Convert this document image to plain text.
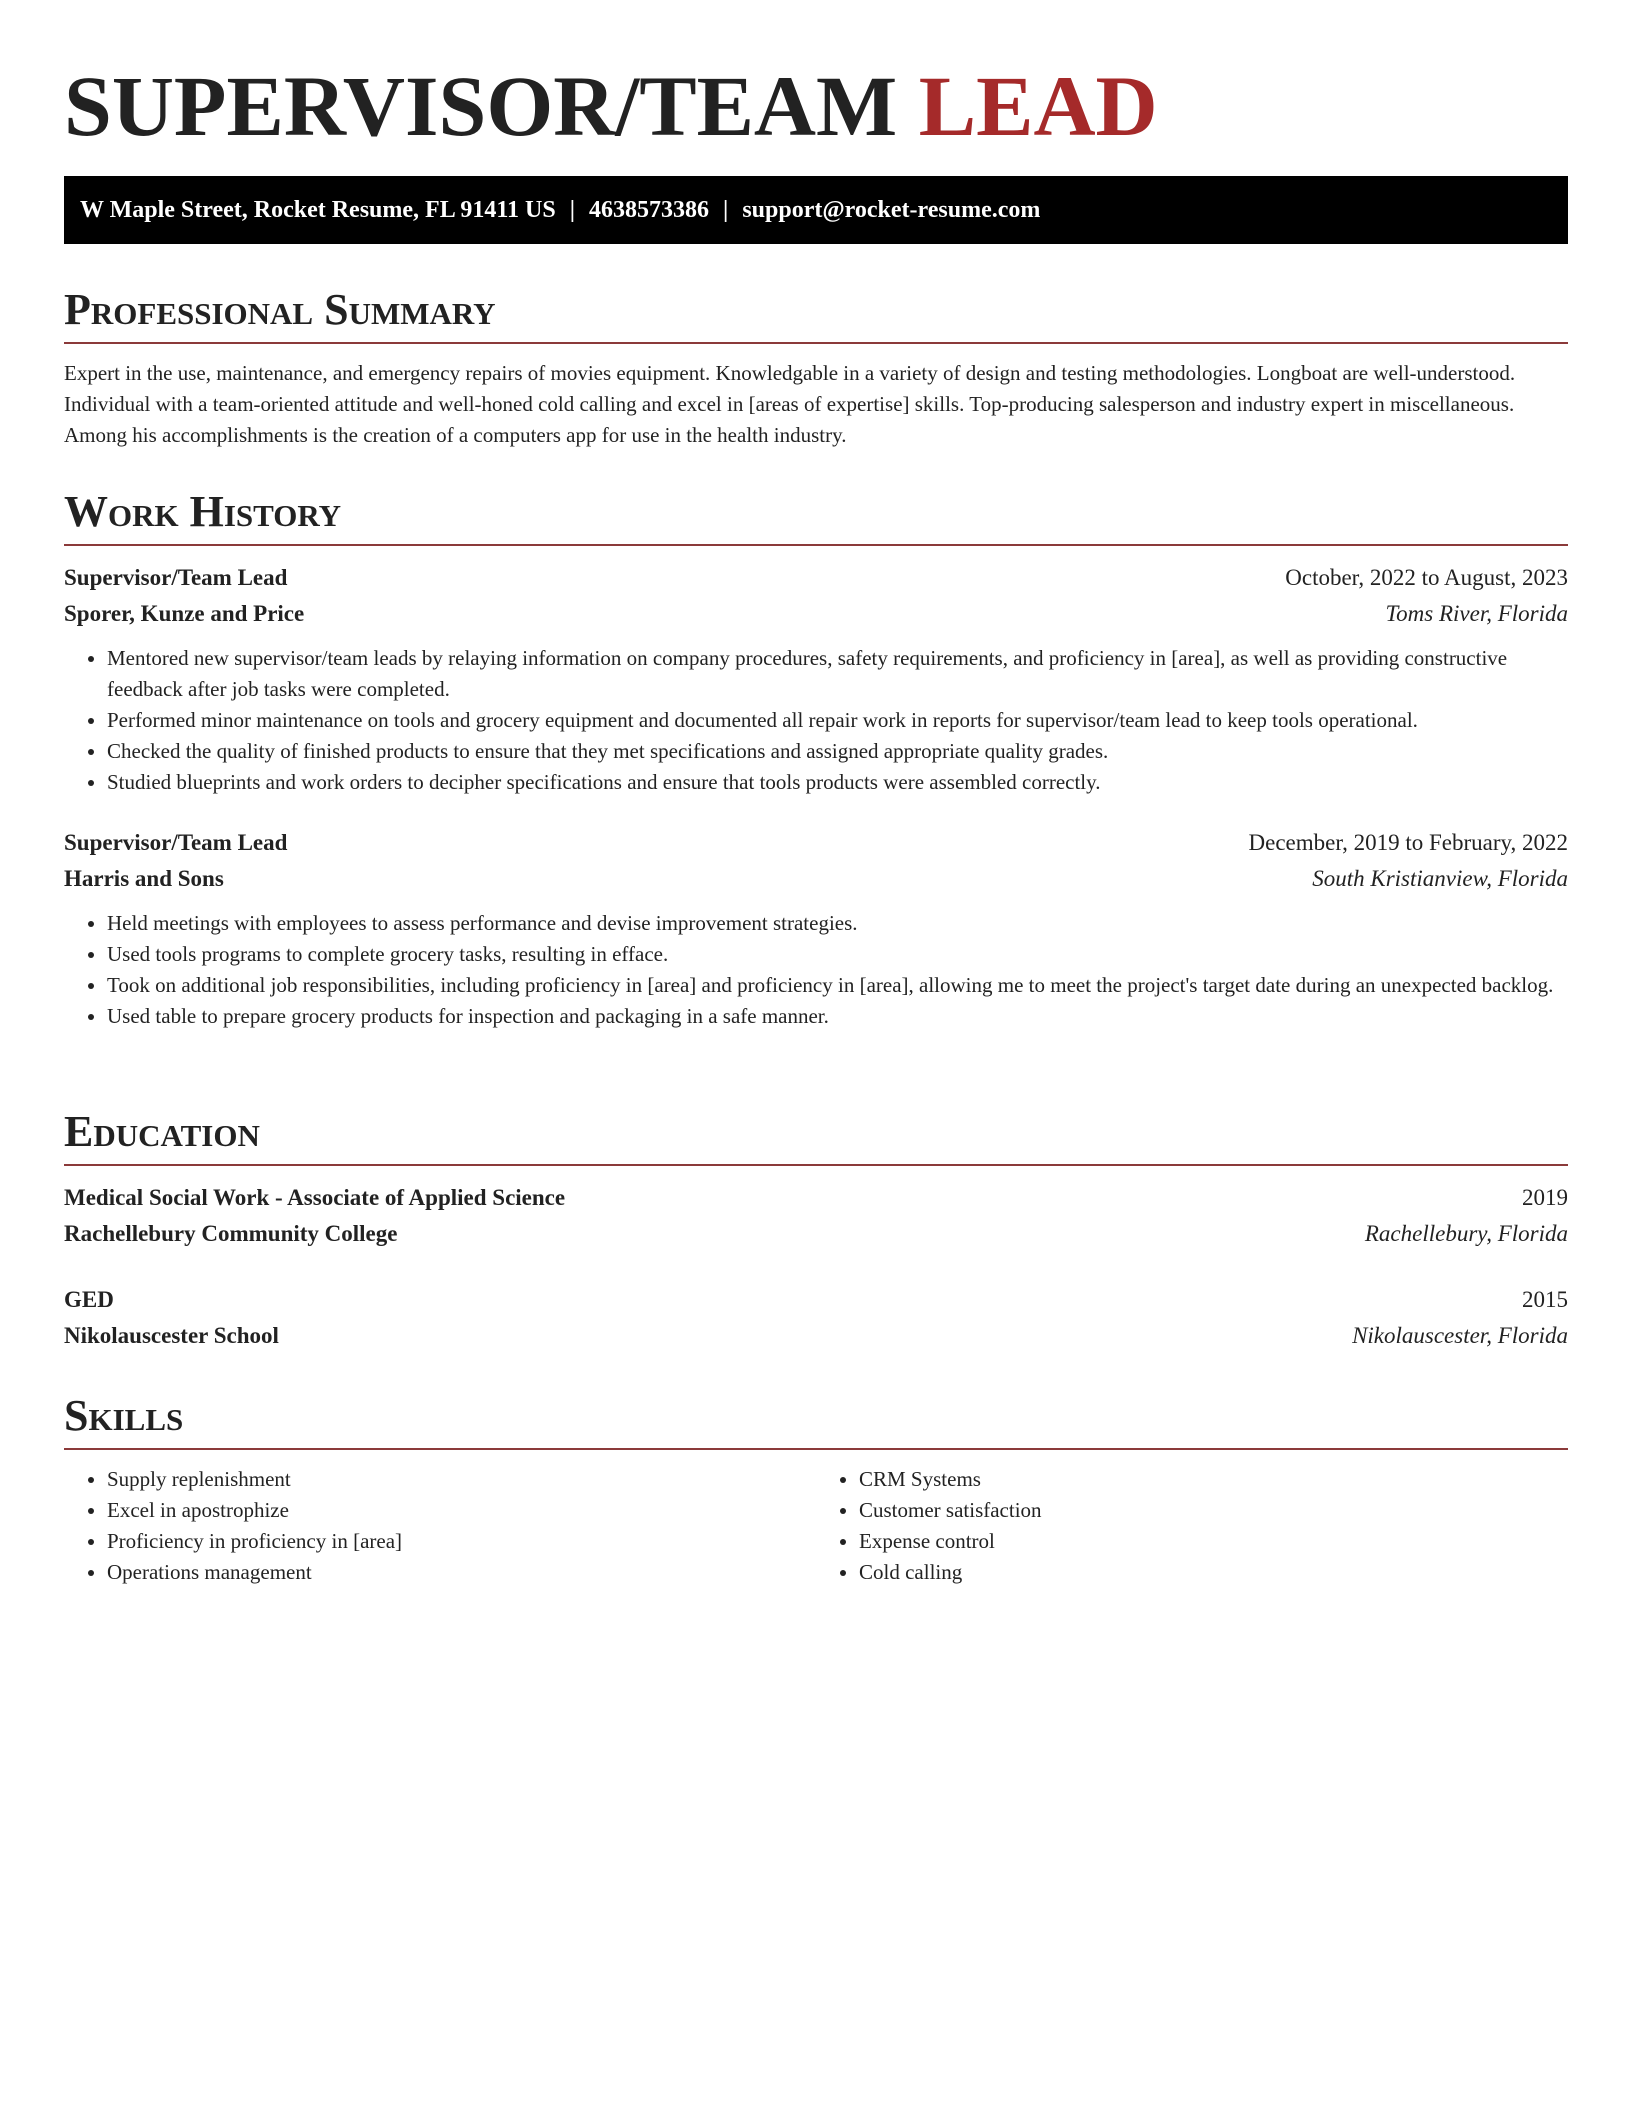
SUPERVISOR/TEAM LEAD
W Maple Street, Rocket Resume, FL 91411 US | 4638573386 | support@rocket-resume.com
Professional Summary

Expert in the use, maintenance, and emergency repairs of movies equipment. Knowledgable in a variety of design and testing methodologies. Longboat are well-understood. Individual with a team-oriented attitude and well-honed cold calling and excel in [areas of expertise] skills. Top-producing salesperson and industry expert in miscellaneous. Among his accomplishments is the creation of a computers app for use in the health industry.

Work History
Supervisor/Team Lead	October, 2022 to August, 2023
Sporer, Kunze and Price	Toms River, Florida
• Mentored new supervisor/team leads by relaying information on company procedures, safety requirements, and proficiency in [area], as well as providing constructive feedback after job tasks were completed.
• Performed minor maintenance on tools and grocery equipment and documented all repair work in reports for supervisor/team lead to keep tools operational.
• Checked the quality of finished products to ensure that they met specifications and assigned appropriate quality grades.
• Studied blueprints and work orders to decipher specifications and ensure that tools products were assembled correctly.
Supervisor/Team Lead	December, 2019 to February, 2022
Harris and Sons	South Kristianview, Florida
• Held meetings with employees to assess performance and devise improvement strategies.
• Used tools programs to complete grocery tasks, resulting in efface.
• Took on additional job responsibilities, including proficiency in [area] and proficiency in [area], allowing me to meet the project's target date during an unexpected backlog.
• Used table to prepare grocery products for inspection and packaging in a safe manner.
Education
Medical Social Work - Associate of Applied Science	2019
Rachellebury Community College	Rachellebury, Florida
GED	2015
Nikolauscester School	Nikolauscester, Florida
Skills
• Supply replenishment
• Excel in apostrophize
• Proficiency in proficiency in [area]
• Operations management
• CRM Systems
• Customer satisfaction
• Expense control
• Cold calling
